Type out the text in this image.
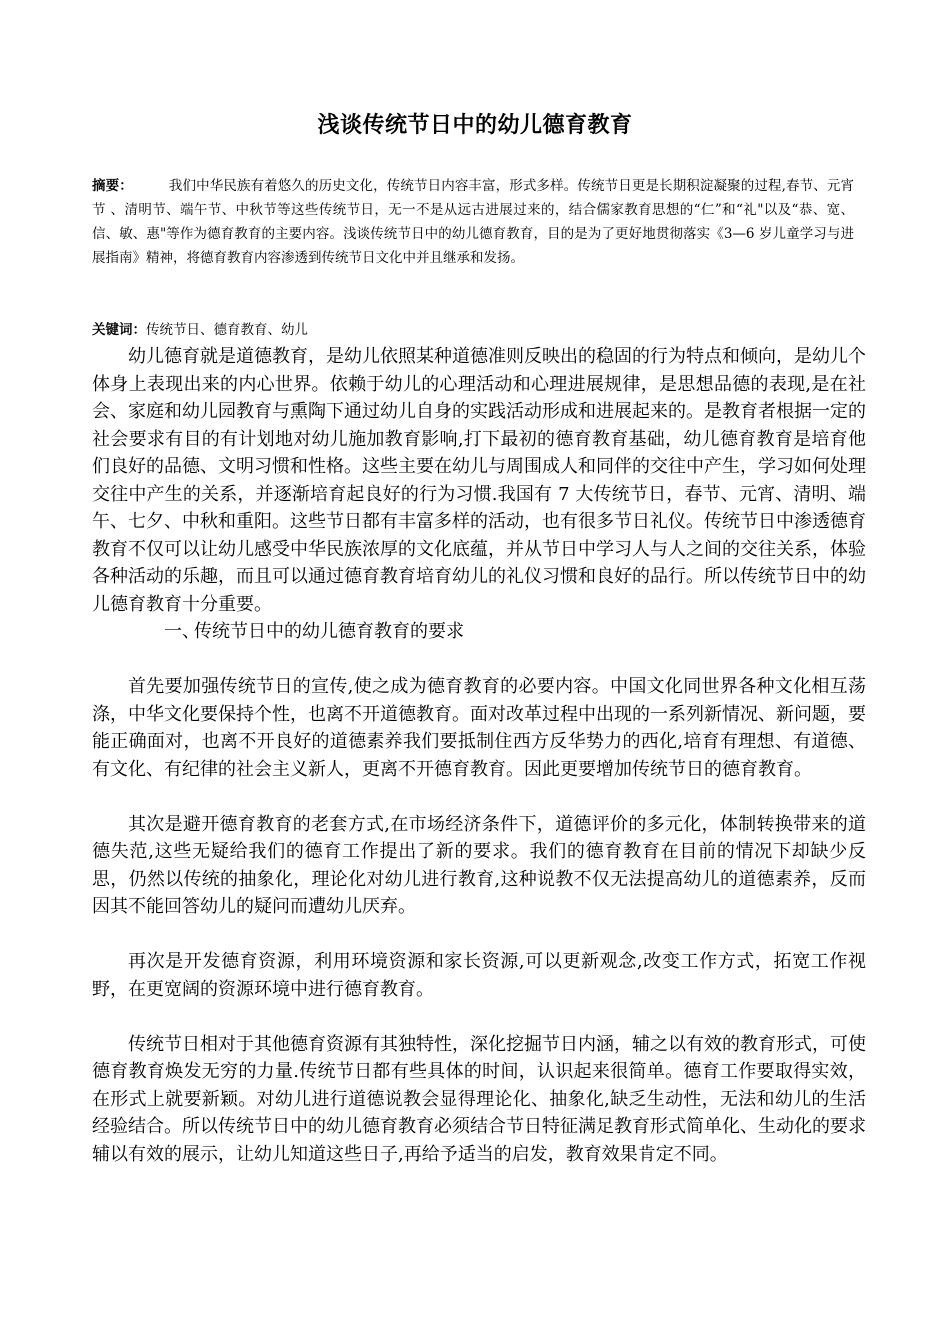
浅谈传统节日中的幼儿德育教育
摘要：	我们中华民族有着悠久的历史文化，传统节日内容丰富，形式多样。传统节日更是长期积淀凝聚的过程,春节、元宵节 、清明节、端午节、中秋节等这些传统节日，无一不是从远古进展过来的，结合儒家教育思想的“仁”和“礼"以及“恭、宽、信、敏、惠"等作为德育教育的主要内容。浅谈传统节日中的幼儿德育教育，目的是为了更好地贯彻落实《3—6 岁儿童学习与进展指南》精神，将德育教育内容渗透到传统节日文化中并且继承和发扬。
关键词：传统节日、德育教育、幼儿

幼儿德育就是道德教育，是幼儿依照某种道德准则反映出的稳固的行为特点和倾向，是幼儿个体身上表现出来的内心世界。依赖于幼儿的心理活动和心理进展规律，是思想品德的表现,是在社会、家庭和幼儿园教育与熏陶下通过幼儿自身的实践活动形成和进展起来的。是教育者根据一定的社会要求有目的有计划地对幼儿施加教育影响,打下最初的德育教育基础，幼儿德育教育是培育他们良好的品德、文明习惯和性格。这些主要在幼儿与周围成人和同伴的交往中产生，学习如何处理交往中产生的关系，并逐渐培育起良好的行为习惯.我国有 7 大传统节日，春节、元宵、清明、端午、七夕、中秋和重阳。这些节日都有丰富多样的活动，也有很多节日礼仪。传统节日中渗透德育教育不仅可以让幼儿感受中华民族浓厚的文化底蕴，并从节日中学习人与人之间的交往关系，体验各种活动的乐趣，而且可以通过德育教育培育幼儿的礼仪习惯和良好的品行。所以传统节日中的幼儿德育教育十分重要。

一、传统节日中的幼儿德育教育的要求

首先要加强传统节日的宣传,使之成为德育教育的必要内容。中国文化同世界各种文化相互荡涤，中华文化要保持个性，也离不开道德教育。面对改革过程中出现的一系列新情况、新问题，要能正确面对，也离不开良好的道德素养我们要抵制住西方反华势力的西化,培育有理想、有道德、有文化、有纪律的社会主义新人，更离不开德育教育。因此更要增加传统节日的德育教育。

其次是避开德育教育的老套方式,在市场经济条件下，道德评价的多元化，体制转换带来的道德失范,这些无疑给我们的德育工作提出了新的要求。我们的德育教育在目前的情况下却缺少反思，仍然以传统的抽象化，理论化对幼儿进行教育,这种说教不仅无法提高幼儿的道德素养，反而因其不能回答幼儿的疑问而遭幼儿厌弃。

再次是开发德育资源，利用环境资源和家长资源,可以更新观念,改变工作方式，拓宽工作视野，在更宽阔的资源环境中进行德育教育。

传统节日相对于其他德育资源有其独特性，深化挖掘节日内涵，辅之以有效的教育形式，可使德育教育焕发无穷的力量.传统节日都有些具体的时间，认识起来很简单。德育工作要取得实效，在形式上就要新颖。对幼儿进行道德说教会显得理论化、抽象化,缺乏生动性，无法和幼儿的生活经验结合。所以传统节日中的幼儿德育教育必须结合节日特征满足教育形式简单化、生动化的要求辅以有效的展示，让幼儿知道这些日子,再给予适当的启发，教育效果肯定不同。
